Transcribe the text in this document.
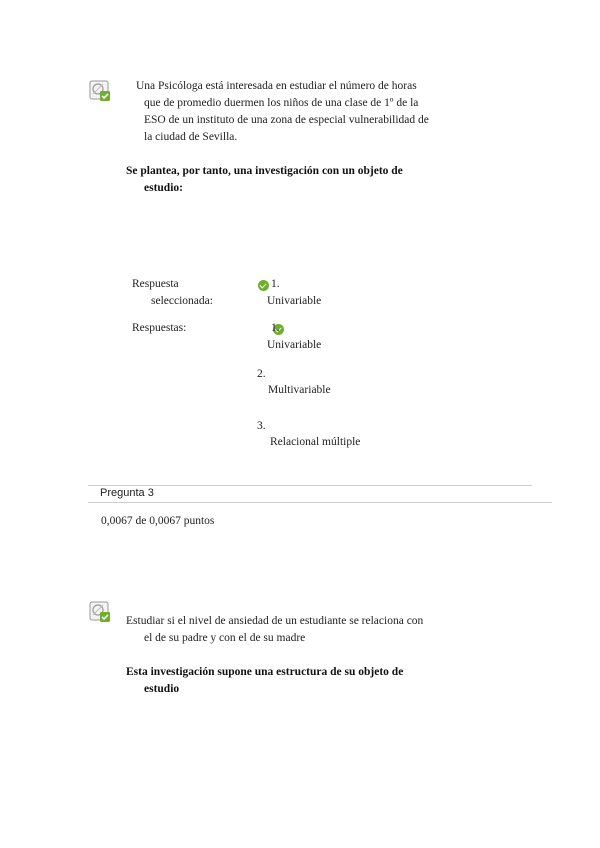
Una Psicóloga está interesada en estudiar el número de horas
que de promedio duermen los niños de una clase de 1º de la
ESO de un instituto de una zona de especial vulnerabilidad de
la ciudad de Sevilla.
Se plantea, por tanto, una investigación con un objeto de
estudio:
Respuesta
seleccionada:

1.
Univariable
Respuestas:	1.
Univariable
2.
Multivariable
3.
Relacional múltiple
Pregunta 3
0,0067 de 0,0067 puntos
Estudiar si el nivel de ansiedad de un estudiante se relaciona con
el de su padre y con el de su madre
Esta investigación supone una estructura de su objeto de
estudio
